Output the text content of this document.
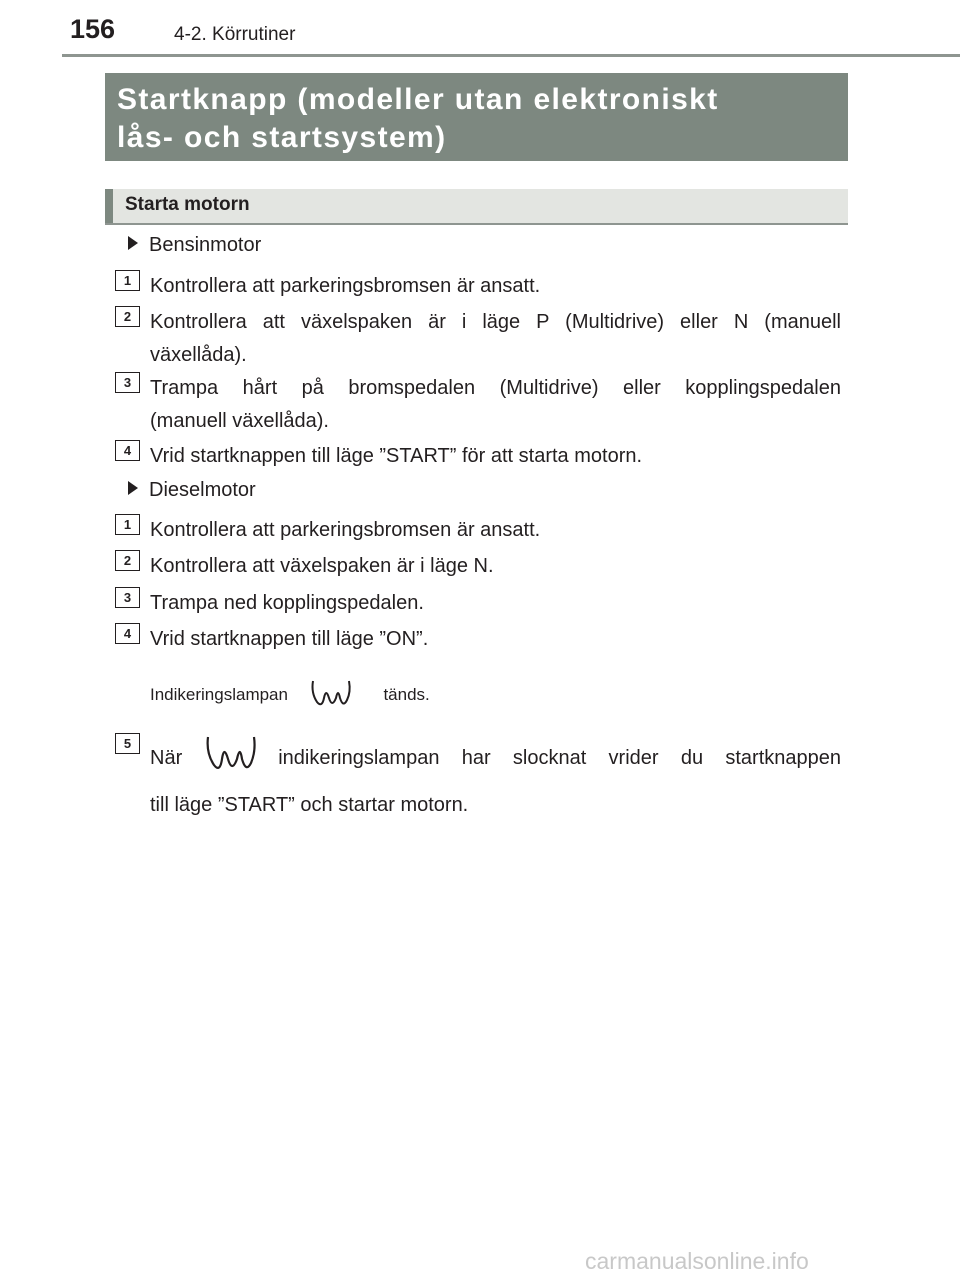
156	4-2. Körrutiner
Startknapp (modeller utan elektroniskt
lås- och startsystem)
Starta motorn
Bensinmotor
1 Kontrollera att parkeringsbromsen är ansatt.
2 Kontrollera att växelspaken är i läge P (Multidrive) eller N (manuell
växellåda).
3 Trampa hårt på bromspedalen (Multidrive) eller kopplingspedalen
(manuell växellåda).
4 Vrid startknappen till läge ”START” för att starta motorn.
Dieselmotor
1 Kontrollera att parkeringsbromsen är ansatt.
2 Kontrollera att växelspaken är i läge N.
3 Trampa ned kopplingspedalen.
4 Vrid startknappen till läge ”ON”.
Indikeringslampan	tänds.
5
När	indikeringslampan har slocknat vrider du startknappen
till läge ”START” och startar motorn.
carmanualsonline.info
